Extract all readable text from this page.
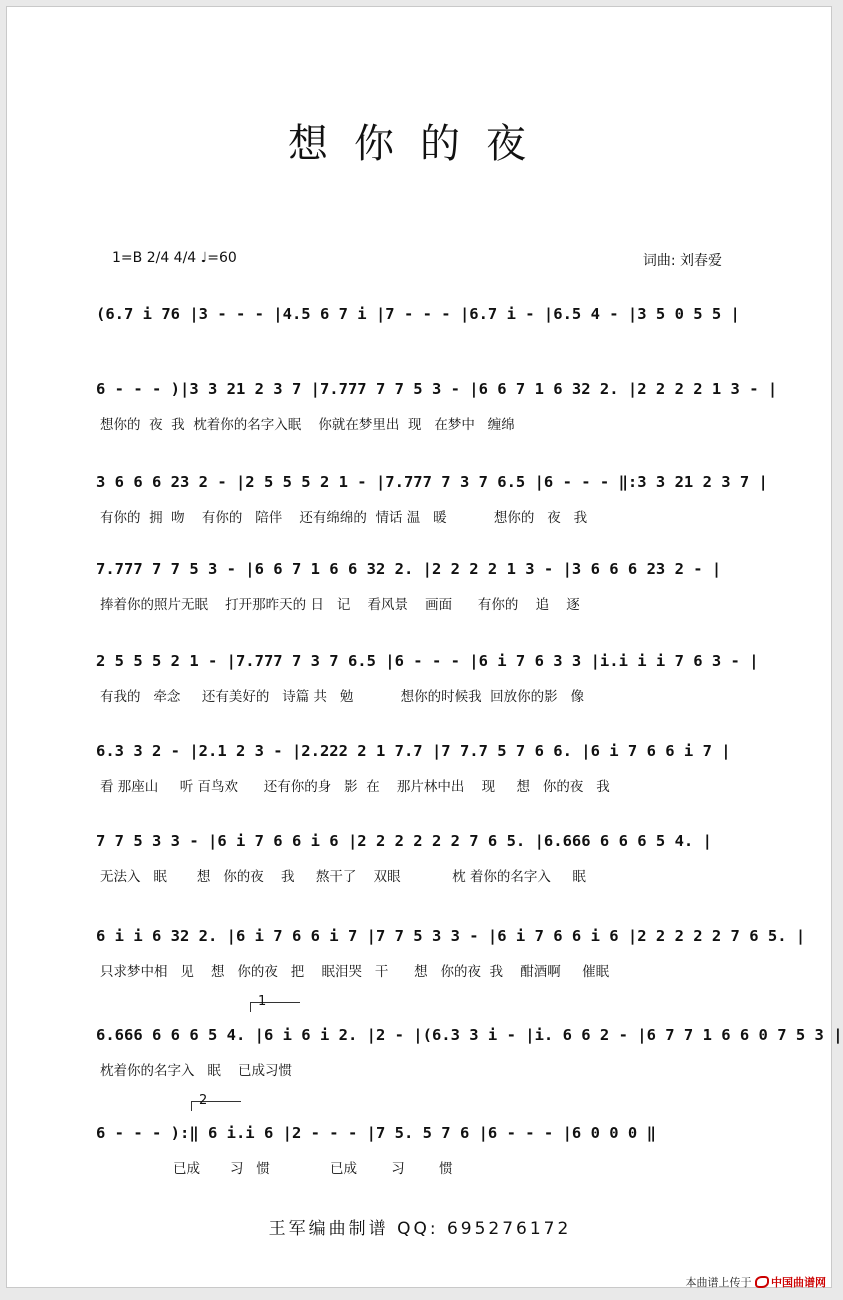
想你的夜
1=B 2/4 4/4 ♩=60	词曲: 刘春爱
(6.7 i 76 |3 - - - |4.5 6 7 i |7 - - - |6.7 i - |6.5 4 - |3 5 0 5 5 |
6 - - - )|3 3 21 2 3 7 |7.777 7 7 5 3 - |6 6 7 1 6 32 2. |2 2 2 2 1 3 - |
想你的  夜  我  枕着你的名字入眠    你就在梦里出  现   在梦中   缠绵
3 6 6 6 23 2 - |2 5 5 5 2 1 - |7.777 7 3 7 6.5 |6 - - - ‖:3 3 21 2 3 7 |
有你的  拥  吻    有你的   陪伴    还有绵绵的  情话 温   暖           想你的   夜   我
7.777 7 7 5 3 - |6 6 7 1 6 6 32 2. |2 2 2 2 1 3 - |3 6 6 6 23 2 - |
捧着你的照片无眠    打开那昨天的 日   记    看风景    画面      有你的    追    逐
2 5 5 5 2 1 - |7.777 7 3 7 6.5 |6 - - - |6 i 7 6 3 3 |i.i i i 7 6 3 - |
有我的   牵念     还有美好的   诗篇 共   勉           想你的时候我  回放你的影   像
6.3 3 2 - |2.1 2 3 - |2.222 2 1 7.7 |7 7.7 5 7 6 6. |6 i 7 6 6 i 7 |
看 那座山     听 百鸟欢      还有你的身   影  在    那片林中出    现     想   你的夜   我
7 7 5 3 3 - |6 i 7 6 6 i 6 |2 2 2 2 2 2 7 6 5. |6.666 6 6 6 5 4. |
无法入   眠       想   你的夜    我     熬干了    双眼            枕 着你的名字入     眠
6 i i 6 32 2. |6 i 7 6 6 i 7 |7 7 5 3 3 - |6 i 7 6 6 i 6 |2 2 2 2 2 7 6 5. |
只求梦中相   见    想   你的夜   把    眠泪哭   干      想   你的夜  我    酣酒啊     催眠
1
6.666 6 6 6 5 4. |6 i 6 i 2. |2 - |(6.3 3 i - |i. 6 6 2 - |6 7 7 1 6 6 0 7 5 3 |
枕着你的名字入   眠    已成习惯
2
6 - - - ):‖ 6 i.i 6 |2 - - - |7 5. 5 7 6 |6 - - - |6 0 0 0 ‖
已成       习   惯              已成        习        惯
王军编曲制谱 QQ: 695276172
本曲谱上传于 中国曲谱网
